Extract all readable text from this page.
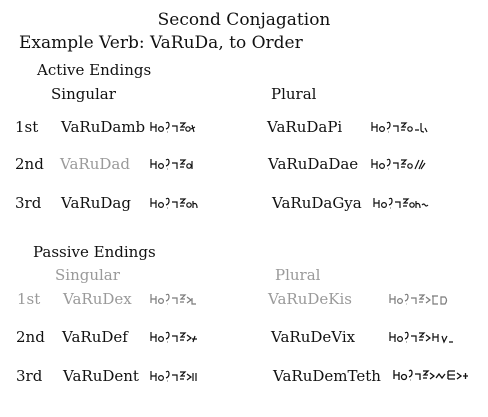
Second Conjagation
Example Verb: VaRuDa, to Order
Active Endings
Singular	Plural
1st VaRuDamb	VaRuDaPi
2nd VaRuDad	VaRuDaDae
3rd VaRuDag	VaRuDaGya
Passive Endings
Singular	Plural
1st VaRuDex	VaRuDeKis
2nd VaRuDef	VaRuDeVix
3rd VaRuDent	VaRuDemTeth
